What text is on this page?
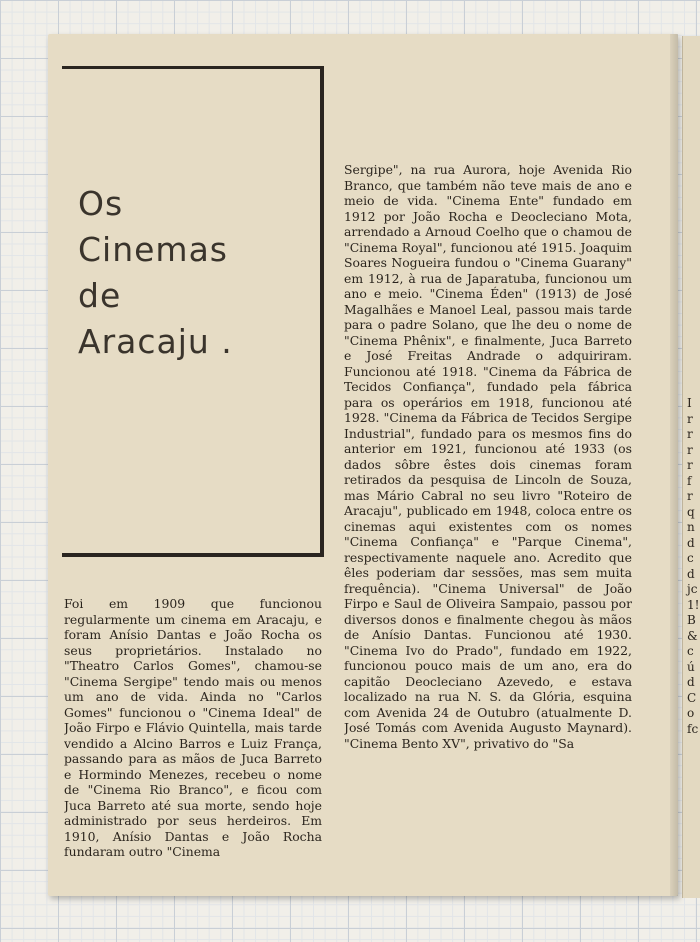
Os
Cinemas
de
Aracaju .

Foi em 1909 que funcionou regularmente um cinema em Aracaju, e foram Anísio Dantas e João Rocha os seus proprietários. Instalado no "Theatro Carlos Gomes", chamou-se "Cinema Sergipe" tendo mais ou menos um ano de vida. Ainda no "Carlos Gomes" funcionou o "Cinema Ideal" de João Firpo e Flávio Quintella, mais tarde vendido a Alcino Barros e Luiz França, passando para as mãos de Juca Barreto e Hormindo Menezes, recebeu o nome de "Cinema Rio Branco", e ficou com Juca Barreto até sua morte, sendo hoje administrado por seus herdeiros. Em 1910, Anísio Dantas e João Rocha fundaram outro "Cinema

Sergipe", na rua Aurora, hoje Avenida Rio Branco, que também não teve mais de ano e meio de vida. "Cinema Ente" fundado em 1912 por João Rocha e Deocleciano Mota, arrendado a Arnoud Coelho que o chamou de "Cinema Royal", funcionou até 1915. Joaquim Soares Nogueira fundou o "Cinema Guarany" em 1912, à rua de Japaratuba, funcionou um ano e meio. "Cinema Éden" (1913) de José Magalhães e Manoel Leal, passou mais tarde para o padre Solano, que lhe deu o nome de "Cinema Phênix", e finalmente, Juca Barreto e José Freitas Andrade o adquiriram. Funcionou até 1918. "Cinema da Fábrica de Tecidos Confiança", fundado pela fábrica para os operários em 1918, funcionou até 1928. "Cinema da Fábrica de Tecidos Sergipe Industrial", fundado para os mesmos fins do anterior em 1921, funcionou até 1933 (os dados sôbre êstes dois cinemas foram retirados da pesquisa de Lincoln de Souza, mas Mário Cabral no seu livro "Roteiro de Aracaju", publicado em 1948, coloca entre os cinemas aqui existentes com os nomes "Cinema Confiança" e "Parque Cinema", respectivamente naquele ano. Acredito que êles poderiam dar sessões, mas sem muita frequência). "Cinema Universal" de João Firpo e Saul de Oliveira Sampaio, passou por diversos donos e finalmente chegou às mãos de Anísio Dantas. Funcionou até 1930. "Cinema Ivo do Prado", fundado em 1922, funcionou pouco mais de um ano, era do capitão Deocleciano Azevedo, e estava localizado na rua N. S. da Glória, esquina com Avenida 24 de Outubro (atualmente D. José Tomás com Avenida Augusto Maynard). "Cinema Bento XV", privativo do "Sa

I
r
r
r
r
f
r
q
n
d
c
d
jc
1!
B
&
c
ú
d
C
o
fc
